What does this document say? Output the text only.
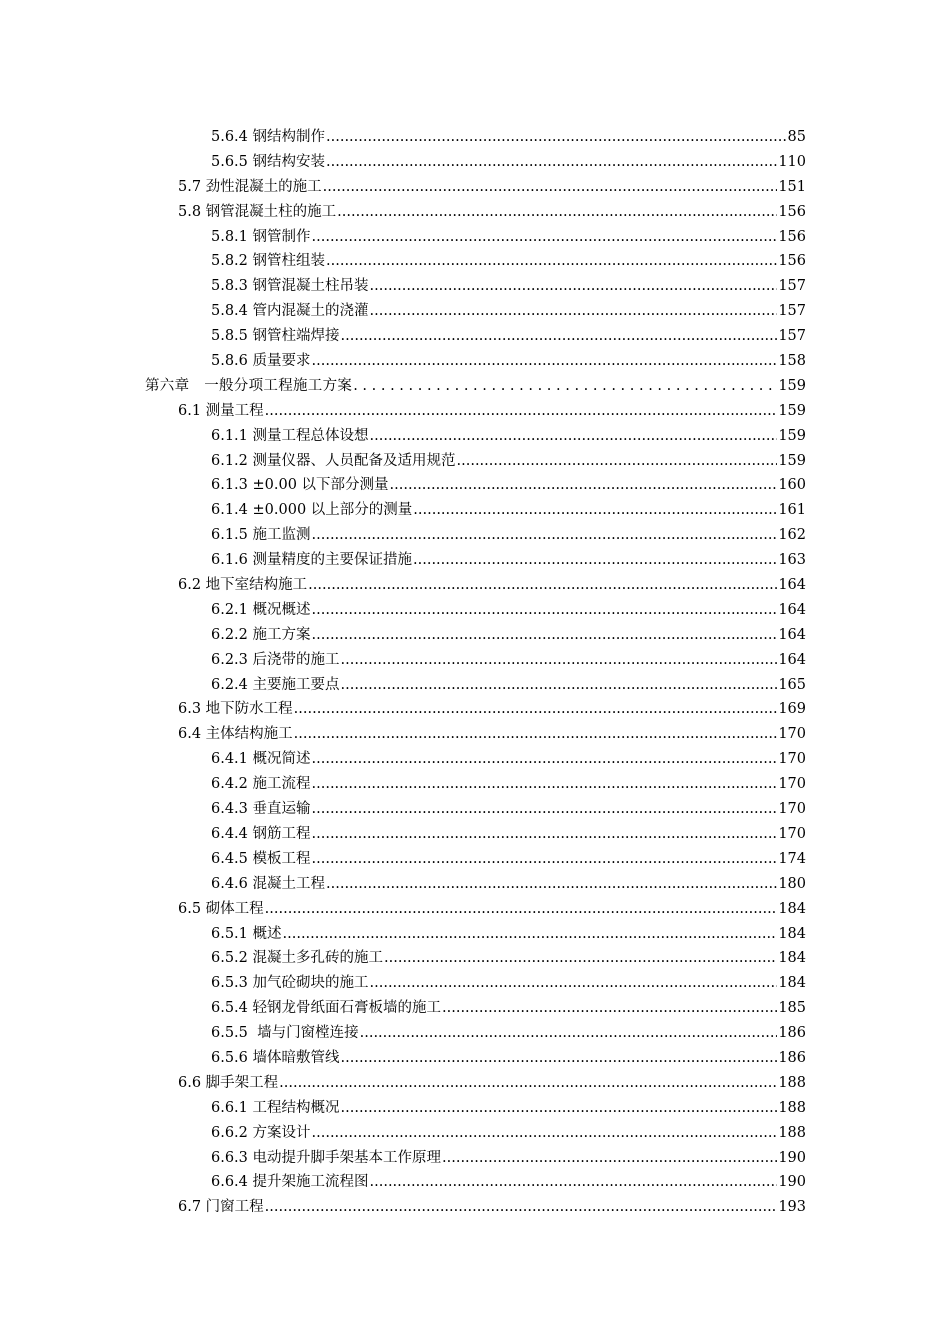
5.6.4 钢结构制作 .....	85
5.6.5 钢结构安装 .....	110
5.7 劲性混凝土的施工 .....	151
5.8 钢管混凝土柱的施工 .....	156
5.8.1 钢管制作 .....	156
5.8.2 钢管柱组装 .....	156
5.8.3 钢管混凝土柱吊装 .....	157
5.8.4 管内混凝土的浇灌 .....	157
5.8.5 钢管柱端焊接 .....	157
5.8.6 质量要求 .....	158
第六章　一般分项工程施工方案 . . .	159
6.1 测量工程 .....	159
6.1.1 测量工程总体设想 .....	159
6.1.2 测量仪器、人员配备及适用规范 .....	159
6.1.3 ±0.00 以下部分测量 .....	160
6.1.4 ±0.000 以上部分的测量 .....	161
6.1.5 施工监测 .....	162
6.1.6 测量精度的主要保证措施 .....	163
6.2 地下室结构施工 .....	164
6.2.1 概况概述 .....	164
6.2.2 施工方案 .....	164
6.2.3 后浇带的施工 .....	164
6.2.4 主要施工要点 .....	165
6.3 地下防水工程 .....	169
6.4 主体结构施工 .....	170
6.4.1 概况简述 .....	170
6.4.2 施工流程 .....	170
6.4.3 垂直运输 .....	170
6.4.4 钢筋工程 .....	170
6.4.5 模板工程 .....	174
6.4.6 混凝土工程 .....	180
6.5 砌体工程 .....	184
6.5.1 概述 .....	184
6.5.2 混凝土多孔砖的施工 .....	184
6.5.3 加气砼砌块的施工 .....	184
6.5.4 轻钢龙骨纸面石膏板墙的施工 .....	185
6.5.5  墙与门窗樘连接 .....	186
6.5.6 墙体暗敷管线 .....	186
6.6 脚手架工程 .....	188
6.6.1 工程结构概况 .....	188
6.6.2 方案设计 .....	188
6.6.3 电动提升脚手架基本工作原理 .....	190
6.6.4 提升架施工流程图 .....	190
6.7 门窗工程 .....	193
